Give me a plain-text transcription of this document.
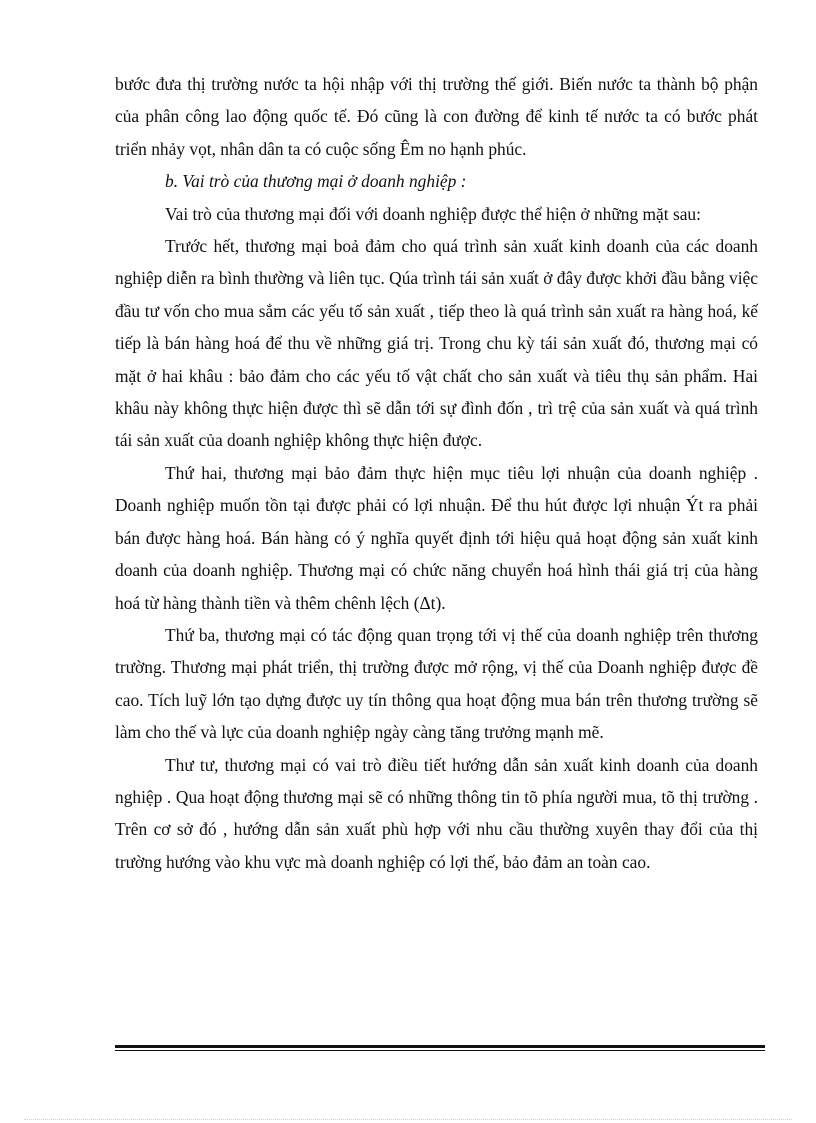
bước đưa thị trường nước ta hội nhập với thị trường thế giới. Biến nước ta thành bộ phận của phân công lao động quốc tế. Đó cũng là con đường để kinh tế nước ta có bước phát triển nhảy vọt, nhân dân ta có cuộc sống Êm no hạnh phúc.

b. Vai trò của thương mại ở doanh nghiệp :

Vai trò của thương mại đối với doanh nghiệp được thể hiện ở những mặt sau:

Trước hết, thương mại boả đảm cho quá trình sản xuất kinh doanh của các doanh nghiệp diễn ra bình thường và liên tục. Qúa trình tái sản xuất ở đây được khởi đầu bằng việc đầu tư vốn cho mua sắm các yếu tố sản xuất , tiếp theo là quá trình sản xuất ra hàng hoá, kế tiếp là bán hàng hoá để thu về những giá trị. Trong chu kỳ tái sản xuất đó, thương mại có mặt ở hai khâu : bảo đảm cho các yếu tố vật chất cho sản xuất và tiêu thụ sản phẩm. Hai khâu này không thực hiện được thì sẽ dẫn tới sự đình đốn , trì trệ của sản xuất và quá trình tái sản xuất của doanh nghiệp không thực hiện được.

Thứ hai, thương mại bảo đảm thực hiện mục tiêu lợi nhuận của doanh nghiệp . Doanh nghiệp muốn tồn tại được phải có lợi nhuận. Để thu hút được lợi nhuận Ýt ra phải bán được hàng hoá. Bán hàng có ý nghĩa quyết định tới hiệu quả hoạt động sản xuất kinh doanh của doanh nghiệp. Thương mại có chức năng chuyển hoá hình thái giá trị của hàng hoá từ hàng thành tiền và thêm chênh lệch (Δt).

Thứ ba, thương mại có tác động quan trọng tới vị thế của doanh nghiệp trên thương trường. Thương mại phát triển, thị trường được mở rộng, vị thế của Doanh nghiệp được đề cao. Tích luỹ lớn tạo dựng được uy tín thông qua hoạt động mua bán trên thương trường sẽ làm cho thế và lực của doanh nghiệp ngày càng tăng trưởng mạnh mẽ.

Thư tư, thương mại có vai trò điều tiết hướng dẫn sản xuất kinh doanh của doanh nghiệp . Qua hoạt động thương mại sẽ có những thông tin tõ phía người mua, tõ thị trường . Trên cơ sở đó , hướng dẫn sản xuất phù hợp với nhu cầu thường xuyên thay đổi của thị trường hướng vào khu vực mà doanh nghiệp có lợi thế, bảo đảm an toàn cao.
